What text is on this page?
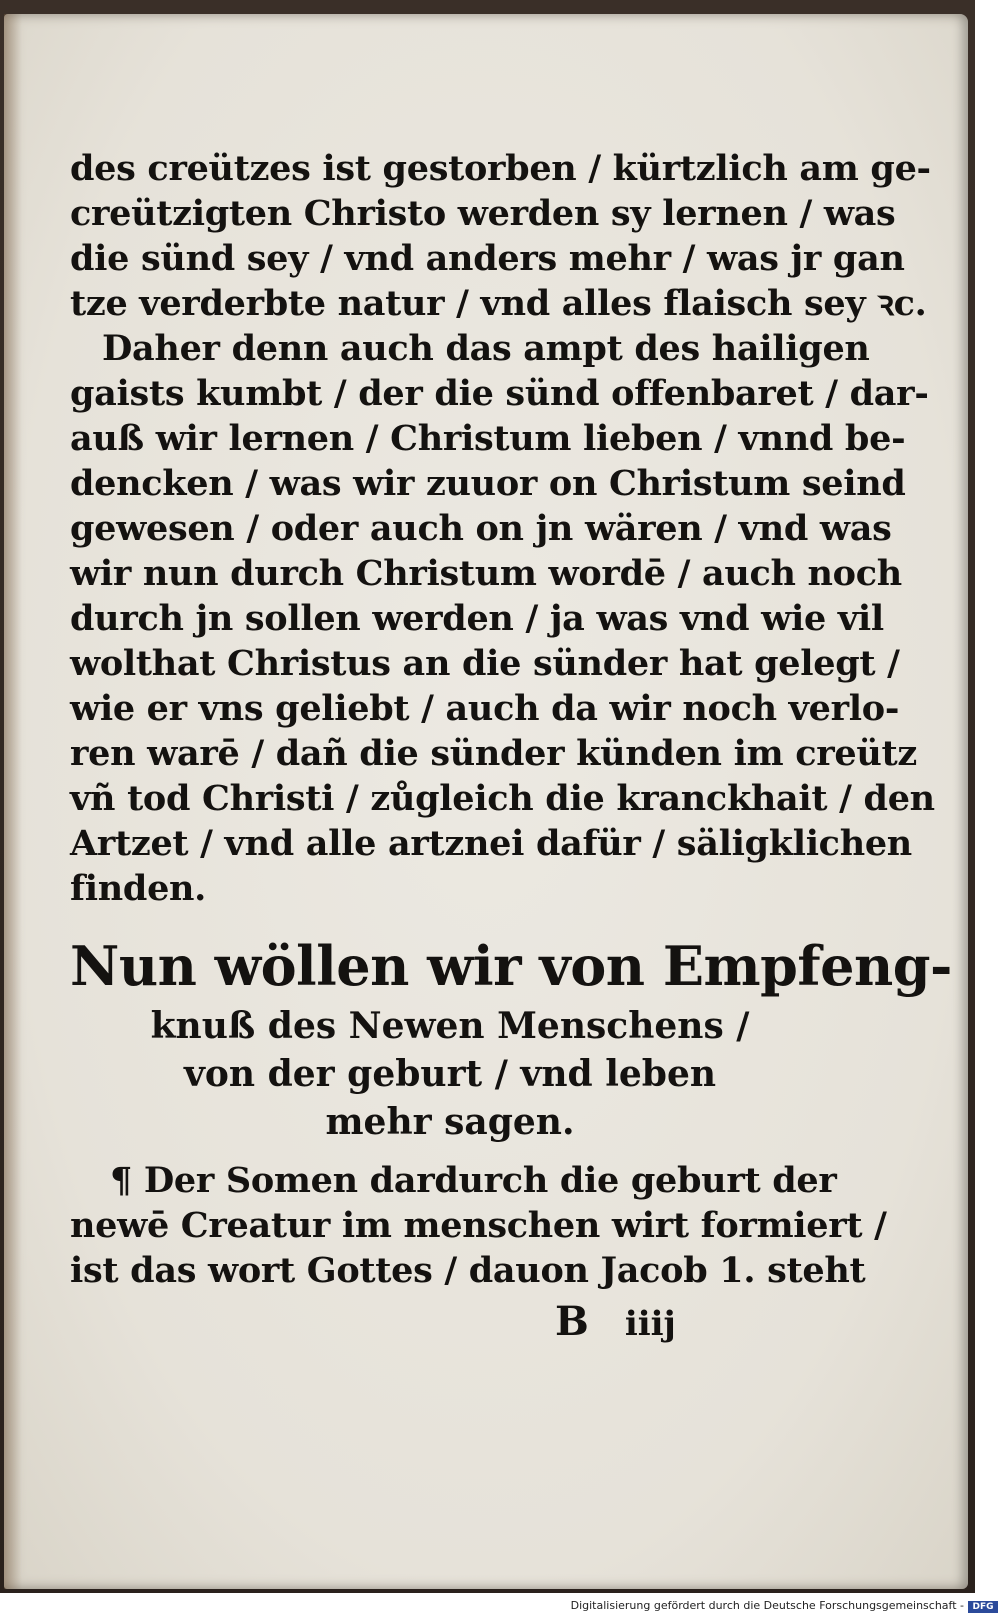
des creützes ist gestorben / kürtzlich am ge-
creützigten Christo werden sy lernen / was
die sünd sey / vnd anders mehr / was jr gan
tze verderbte natur / vnd alles flaisch sey ꝛc.
Daher denn auch das ampt des hailigen
gaists kumbt / der die sünd offenbaret / dar-
auß wir lernen / Christum lieben / vnnd be-
dencken / was wir zuuor on Christum seind
gewesen / oder auch on jn wären / vnd was
wir nun durch Christum wordē / auch noch
durch jn sollen werden / ja was vnd wie vil
wolthat Christus an die sünder hat gelegt /
wie er vns geliebt / auch da wir noch verlo-
ren warē / dañ die sünder künden im creütz
vñ tod Christi / zůgleich die kranckhait / den
Artzet / vnd alle artznei dafür / säligklichen
finden.
Nun wöllen wir von Empfeng-
knuß des Newen Menschens /
von der geburt / vnd leben
mehr sagen.
¶ Der Somen dardurch die geburt der
newē Creatur im menschen wirt formiert /
ist das wort Gottes / dauon Jacob 1. steht
B iiij
Digitalisierung gefördert durch die Deutsche Forschungsgemeinschaft - DFG
